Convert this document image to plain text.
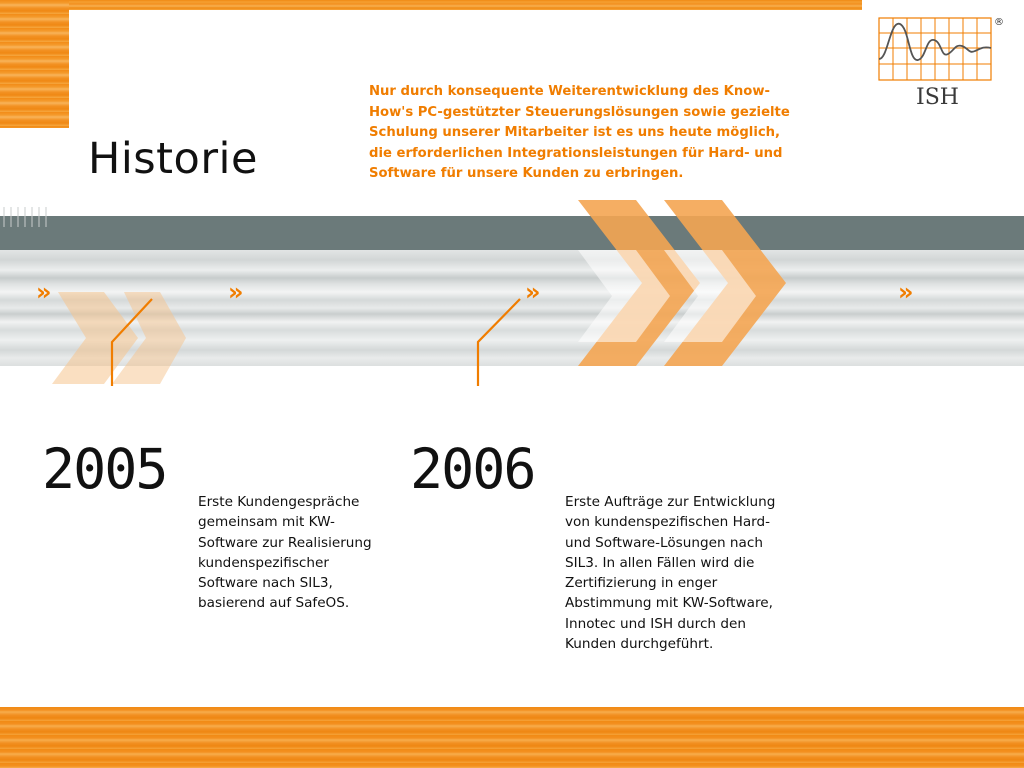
Historie
Nur durch konsequente Weiterentwicklung des Know-
How's PC-gestützter Steuerungslösungen sowie gezielte
Schulung unserer Mitarbeiter ist es uns heute möglich,
die erforderlichen Integrationsleistungen für Hard- und
Software für unsere Kunden zu erbringen.
ISH
®
»	»	»	»
2005
Erste Kundengespräche
gemeinsam mit KW-
Software zur Realisierung
kundenspezifischer
Software nach SIL3,
basierend auf SafeOS.
2006
Erste Aufträge zur Entwicklung
von kundenspezifischen Hard-
und Software-Lösungen nach
SIL3. In allen Fällen wird die
Zertifizierung in enger
Abstimmung mit KW-Software,
Innotec und ISH durch den
Kunden durchgeführt.
